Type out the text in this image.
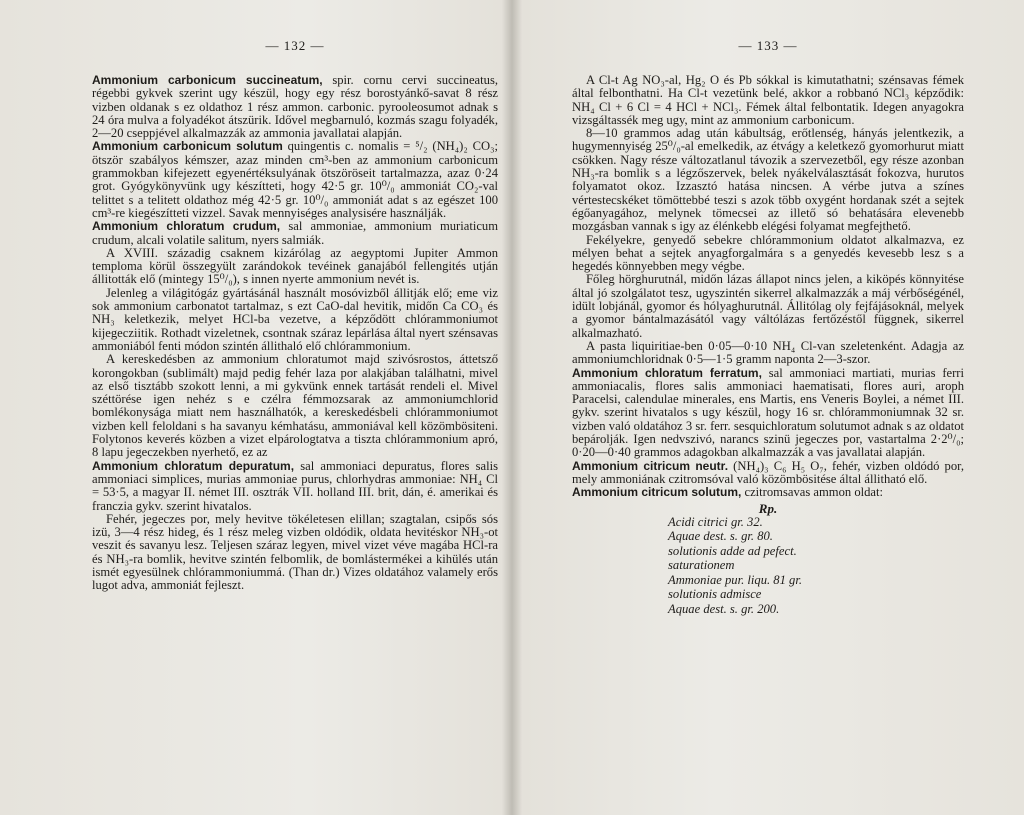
— 132 —

Ammonium carbonicum succineatum, spir. cornu cervi succineatus, régebbi gykvek szerint ugy készül, hogy egy rész borostyánkő-savat 8 rész vizben oldanak s ez oldathoz 1 rész ammon. carbonic. pyrooleosumot adnak s 24 óra mulva a folyadékot átszürik. Idővel megbarnuló, kozmás szagu folyadék, 2—20 cseppjével alkalmazzák az ammonia javallatai alapján.

Ammonium carbonicum solutum quingentis c. nomalis = ⁵/₂ (NH₄)₂ CO₃; ötször szabályos kémszer, azaz minden cm³-ben az ammonium carbonicum grammokban kifejezett egyenértéksulyának ötszöröseit tartalmazza, azaz 0·24 grot. Gyógykönyvünk ugy készítteti, hogy 42·5 gr. 10⁰/₀ ammoniát CO₂-val telittet s a telitett oldathoz még 42·5 gr. 10⁰/₀ ammoniát adat s az egészet 100 cm³-re kiegészítteti vizzel. Savak mennyiséges analysisére használják.

Ammonium chloratum crudum, sal ammoniae, ammonium muriaticum crudum, alcali volatile salitum, nyers salmiák.

A XVIII. századig csaknem kizárólag az aegyptomi Jupiter Ammon temploma körül összegyült zarándokok tevéinek ganajából fellengités utján állitották elő (mintegy 15⁰/₀), s innen nyerte ammonium nevét is.

Jelenleg a világitógáz gyártásánál használt mosóvizből állitják elő; eme viz sok ammonium carbonatot tartalmaz, s ezt CaO-dal hevitik, midőn Ca CO₃ és NH₃ keletkezik, melyet HCl-ba vezetve, a képződött chlórammoniumot kijegecziitik. Rothadt vizeletnek, csontnak száraz lepárlása által nyert szénsavas ammoniából fenti módon szintén állithaló elő chlórammonium.

A kereskedésben az ammonium chloratumot majd szivósrostos, áttetsző korongokban (sublimált) majd pedig fehér laza por alakjában találhatni, mivel az első tisztább szokott lenni, a mi gykvünk ennek tartását rendeli el. Mivel széttörése igen nehéz s e czélra fémmozsarak az ammoniumchlorid bomlékonysága miatt nem használhatók, a kereskedésbeli chlórammoniumot vizben kell feloldani s ha savanyu kémhatásu, ammoniával kell közömbösiteni. Folytonos keverés közben a vizet elpárologtatva a tiszta chlórammonium apró, 8 lapu jegeczekben nyerhető, ez az

Ammonium chloratum depuratum, sal ammoniaci depuratus, flores salis ammoniaci simplices, murias ammoniae purus, chlorhydras ammoniae: NH₄ Cl = 53·5, a magyar II. német III. osztrák VII. holland III. brit, dán, é. amerikai és franczia gykv. szerint hivatalos.

Fehér, jegeczes por, mely hevitve tökéletesen elillan; szagtalan, csipős sós izü, 3—4 rész hideg, és 1 rész meleg vizben oldódik, oldata hevitéskor NH₃-ot veszit és savanyu lesz. Teljesen száraz legyen, mivel vizet véve magába HCl-ra és NH₃-ra bomlik, hevitve szintén felbomlik, de bomlástermékei a kihülés után ismét egyesülnek chlórammoniummá. (Than dr.) Vizes oldatához valamely erős lugot adva, ammoniát fejleszt.

— 133 —

A Cl-t Ag NO₃-al, Hg₂ O és Pb sókkal is kimutathatni; szénsavas fémek által felbonthatni. Ha Cl-t vezetünk belé, akkor a robbanó NCl₃ képződik: NH₄ Cl + 6 Cl = 4 HCl + NCl₃. Fémek által felbontatik. Idegen anyagokra vizsgáltassék meg ugy, mint az ammonium carbonicum.

8—10 grammos adag után kábultság, erőtlenség, hányás jelentkezik, a hugymennyiség 25⁰/₀-al emelkedik, az étvágy a keletkező gyomorhurut miatt csökken. Nagy része változatlanul távozik a szervezetből, egy része azonban NH₃-ra bomlik s a légzőszervek, belek nyákelválasztását fokozva, hurutos folyamatot okoz. Izzasztó hatása nincsen. A vérbe jutva a színes vértestecskéket tömöttebbé teszi s azok több oxygént hordanak szét a sejtek égőanyagához, melynek tömecsei az illető só behatására elevenebb mozgásban vannak s igy az élénkebb elégési folyamat megfejthető.

Fekélyekre, genyedő sebekre chlórammonium oldatot alkalmazva, ez mélyen behat a sejtek anyagforgalmára s a genyedés kevesebb lesz s a hegedés könnyebben megy végbe.

Főleg hörghurutnál, midőn lázas állapot nincs jelen, a kiköpés könnyitése által jó szolgálatot tesz, ugyszintén sikerrel alkalmazzák a máj vérbőségénél, idült lobjánál, gyomor és hólyaghurutnál. Állitólag oly fejfájásoknál, melyek a gyomor bántalmazásától vagy váltólázas fertőzéstől függnek, sikerrel alkalmazható.

A pasta liquiritiae-ben 0·05—0·10 NH₄ Cl-van szeletenként. Adagja az ammoniumchloridnak 0·5—1·5 gramm naponta 2—3-szor.

Ammonium chloratum ferratum, sal ammoniaci martiati, murias ferri ammoniacalis, flores salis ammoniaci haematisati, flores auri, aroph Paracelsi, calendulae minerales, ens Martis, ens Veneris Boylei, a német III. gykv. szerint hivatalos s ugy készül, hogy 16 sr. chlórammoniumnak 32 sr. vizben való oldatához 3 sr. ferr. sesquichloratum solutumot adnak s az oldatot bepárolják. Igen nedvszivó, narancs szinü jegeczes por, vastartalma 2·2⁰/₀; 0·20—0·40 grammos adagokban alkalmazzák a vas javallatai alapján.

Ammonium citricum neutr. (NH₄)₃ C₆ H₅ O₇, fehér, vizben oldódó por, mely ammoniának czitromsóval való közömbösitése által állitható elő.

Ammonium citricum solutum, czitromsavas ammon oldat:

Rp.
Acidi citrici gr. 32.
Aquae dest. s. gr. 80.
solutionis adde ad pefect.
saturationem
Ammoniae pur. liqu. 81 gr.
solutionis admisce
Aquae dest. s. gr. 200.
